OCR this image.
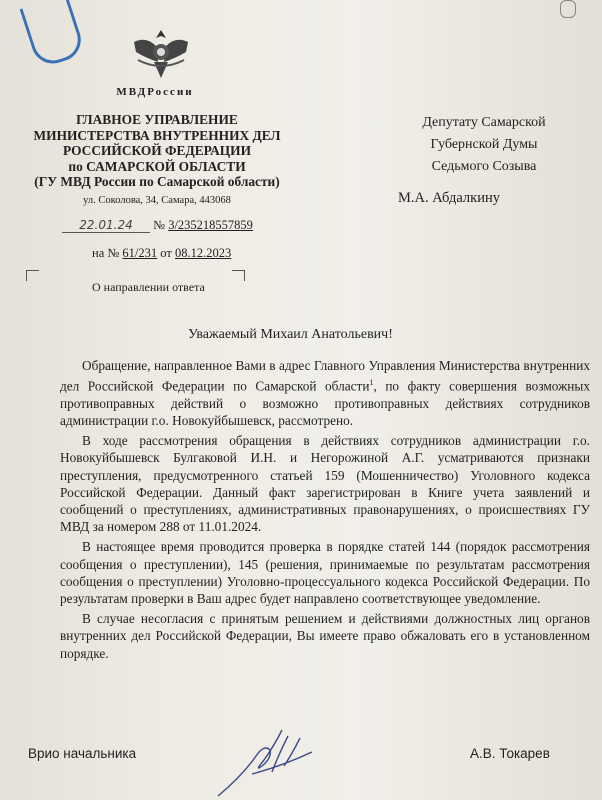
МВДРоссии
ГЛАВНОЕ УПРАВЛЕНИЕ
МИНИСТЕРСТВА ВНУТРЕННИХ ДЕЛ
РОССИЙСКОЙ ФЕДЕРАЦИИ
по САМАРСКОЙ ОБЛАСТИ
(ГУ МВД России по Самарской области)
ул. Соколова, 34, Самара, 443068
22.01.24 № 3/235218557859
на № 61/231 от 08.12.2023
О направлении ответа
Депутату Самарской
Губернской Думы
Седьмого Созыва
М.А. Абдалкину
Уважаемый Михаил Анатольевич!

Обращение, направленное Вами в адрес Главного Управления Министерства внутренних дел Российской Федерации по Самарской области$^1$, по факту совершения возможных противоправных действий о возможно противоправных действиях сотрудников администрации г.о. Новокуйбышевск, рассмотрено.

В ходе рассмотрения обращения в действиях сотрудников администрации г.о. Новокуйбышевск Булгаковой И.Н. и Негорожиной А.Г. усматриваются признаки преступления, предусмотренного статьей 159 (Мошенничество) Уголовного кодекса Российской Федерации. Данный факт зарегистрирован в Книге учета заявлений и сообщений о преступлениях, административных правонарушениях, о происшествиях ГУ МВД за номером 288 от 11.01.2024.

В настоящее время проводится проверка в порядке статей 144 (порядок рассмотрения сообщения о преступлении), 145 (решения, принимаемые по результатам рассмотрения сообщения о преступлении) Уголовно-процессуального кодекса Российской Федерации. По результатам проверки в Ваш адрес будет направлено соответствующее уведомление.

В случае несогласия с принятым решением и действиями должностных лиц органов внутренних дел Российской Федерации, Вы имеете право обжаловать его в установленном порядке.

Врио начальника	А.В. Токарев
